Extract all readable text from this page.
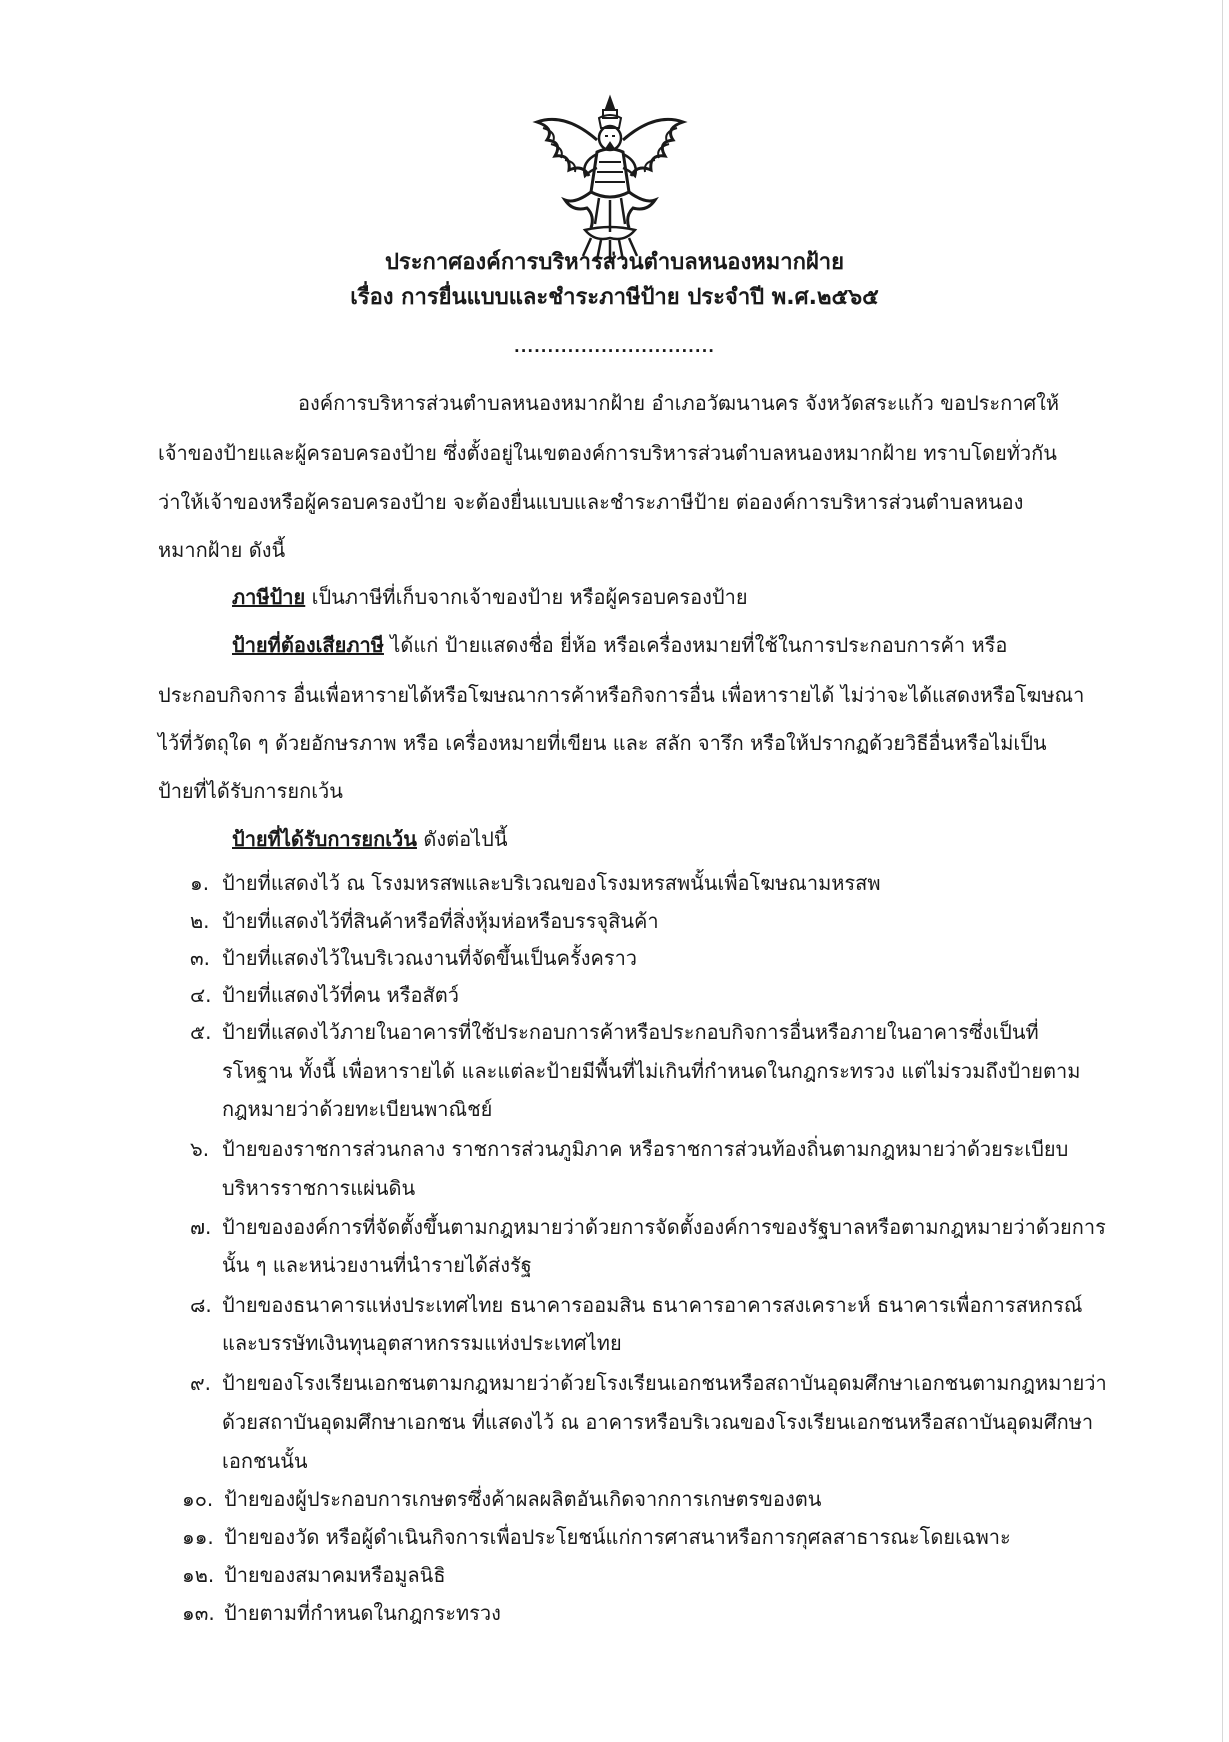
ประกาศองค์การบริหารส่วนตำบลหนองหมากฝ้าย
เรื่อง การยื่นแบบและชำระภาษีป้าย ประจำปี พ.ศ.๒๕๖๕
..............................
องค์การบริหารส่วนตำบลหนองหมากฝ้าย อำเภอวัฒนานคร จังหวัดสระแก้ว ขอประกาศให้
เจ้าของป้ายและผู้ครอบครองป้าย ซึ่งตั้งอยู่ในเขตองค์การบริหารส่วนตำบลหนองหมากฝ้าย ทราบโดยทั่วกัน
ว่าให้เจ้าของหรือผู้ครอบครองป้าย จะต้องยื่นแบบและชำระภาษีป้าย ต่อองค์การบริหารส่วนตำบลหนอง
หมากฝ้าย ดังนี้
ภาษีป้าย เป็นภาษีที่เก็บจากเจ้าของป้าย หรือผู้ครอบครองป้าย
ป้ายที่ต้องเสียภาษี ได้แก่ ป้ายแสดงชื่อ ยี่ห้อ หรือเครื่องหมายที่ใช้ในการประกอบการค้า หรือ
ประกอบกิจการ อื่นเพื่อหารายได้หรือโฆษณาการค้าหรือกิจการอื่น เพื่อหารายได้ ไม่ว่าจะได้แสดงหรือโฆษณา
ไว้ที่วัตถุใด ๆ ด้วยอักษรภาพ หรือ เครื่องหมายที่เขียน และ สลัก จารึก หรือให้ปรากฏด้วยวิธีอื่นหรือไม่เป็น
ป้ายที่ได้รับการยกเว้น
ป้ายที่ได้รับการยกเว้น ดังต่อไปนี้
๑. ป้ายที่แสดงไว้ ณ โรงมหรสพและบริเวณของโรงมหรสพนั้นเพื่อโฆษณามหรสพ
๒. ป้ายที่แสดงไว้ที่สินค้าหรือที่สิ่งหุ้มห่อหรือบรรจุสินค้า
๓. ป้ายที่แสดงไว้ในบริเวณงานที่จัดขึ้นเป็นครั้งคราว
๔. ป้ายที่แสดงไว้ที่คน หรือสัตว์
๕. ป้ายที่แสดงไว้ภายในอาคารที่ใช้ประกอบการค้าหรือประกอบกิจการอื่นหรือภายในอาคารซึ่งเป็นที่
รโหฐาน ทั้งนี้ เพื่อหารายได้ และแต่ละป้ายมีพื้นที่ไม่เกินที่กำหนดในกฎกระทรวง แต่ไม่รวมถึงป้ายตาม
กฎหมายว่าด้วยทะเบียนพาณิชย์
๖. ป้ายของราชการส่วนกลาง ราชการส่วนภูมิภาค หรือราชการส่วนท้องถิ่นตามกฎหมายว่าด้วยระเบียบ
บริหารราชการแผ่นดิน
๗. ป้ายขององค์การที่จัดตั้งขึ้นตามกฎหมายว่าด้วยการจัดตั้งองค์การของรัฐบาลหรือตามกฎหมายว่าด้วยการ
นั้น ๆ และหน่วยงานที่นำรายได้ส่งรัฐ
๘. ป้ายของธนาคารแห่งประเทศไทย ธนาคารออมสิน ธนาคารอาคารสงเคราะห์ ธนาคารเพื่อการสหกรณ์
และบรรษัทเงินทุนอุตสาหกรรมแห่งประเทศไทย
๙. ป้ายของโรงเรียนเอกชนตามกฎหมายว่าด้วยโรงเรียนเอกชนหรือสถาบันอุดมศึกษาเอกชนตามกฎหมายว่า
ด้วยสถาบันอุดมศึกษาเอกชน ที่แสดงไว้ ณ อาคารหรือบริเวณของโรงเรียนเอกชนหรือสถาบันอุดมศึกษา
เอกชนนั้น
๑๐. ป้ายของผู้ประกอบการเกษตรซึ่งค้าผลผลิตอันเกิดจากการเกษตรของตน
๑๑. ป้ายของวัด หรือผู้ดำเนินกิจการเพื่อประโยชน์แก่การศาสนาหรือการกุศลสาธารณะโดยเฉพาะ
๑๒. ป้ายของสมาคมหรือมูลนิธิ
๑๓. ป้ายตามที่กำหนดในกฎกระทรวง
